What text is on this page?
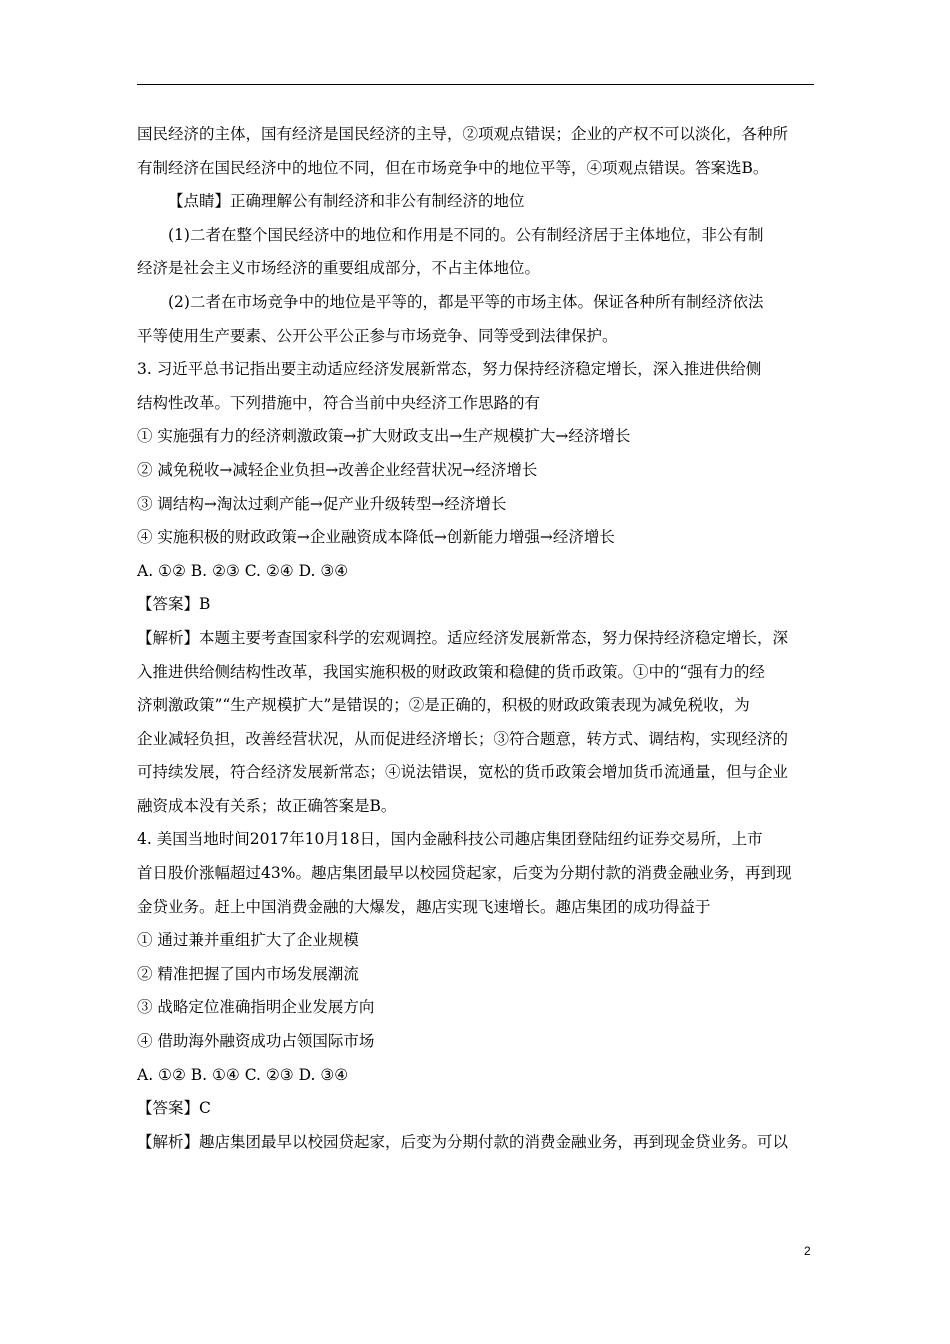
国民经济的主体，国有经济是国民经济的主导，②项观点错误；企业的产权不可以淡化，各种所
有制经济在国民经济中的地位不同，但在市场竞争中的地位平等，④项观点错误。答案选B。
【点睛】正确理解公有制经济和非公有制经济的地位
(1)二者在整个国民经济中的地位和作用是不同的。公有制经济居于主体地位，非公有制
经济是社会主义市场经济的重要组成部分，不占主体地位。
(2)二者在市场竞争中的地位是平等的，都是平等的市场主体。保证各种所有制经济依法
平等使用生产要素、公开公平公正参与市场竞争、同等受到法律保护。
3. 习近平总书记指出要主动适应经济发展新常态，努力保持经济稳定增长，深入推进供给侧
结构性改革。下列措施中，符合当前中央经济工作思路的有
① 实施强有力的经济刺激政策→扩大财政支出→生产规模扩大→经济增长
② 减免税收→减轻企业负担→改善企业经营状况→经济增长
③ 调结构→淘汰过剩产能→促产业升级转型→经济增长
④ 实施积极的财政政策→企业融资成本降低→创新能力增强→经济增长
A. ①② B. ②③ C. ②④ D. ③④
【答案】B
【解析】本题主要考查国家科学的宏观调控。适应经济发展新常态，努力保持经济稳定增长，深
入推进供给侧结构性改革，我国实施积极的财政政策和稳健的货币政策。①中的“强有力的经
济刺激政策”“生产规模扩大”是错误的；②是正确的，积极的财政政策表现为减免税收，为
企业减轻负担，改善经营状况，从而促进经济增长；③符合题意，转方式、调结构，实现经济的
可持续发展，符合经济发展新常态；④说法错误，宽松的货币政策会增加货币流通量，但与企业
融资成本没有关系；故正确答案是B。
4. 美国当地时间2017年10月18日，国内金融科技公司趣店集团登陆纽约证券交易所，上市
首日股价涨幅超过43%。趣店集团最早以校园贷起家，后变为分期付款的消费金融业务，再到现
金贷业务。赶上中国消费金融的大爆发，趣店实现飞速增长。趣店集团的成功得益于
① 通过兼并重组扩大了企业规模
② 精准把握了国内市场发展潮流
③ 战略定位准确指明企业发展方向
④ 借助海外融资成功占领国际市场
A. ①② B. ①④ C. ②③ D. ③④
【答案】C
【解析】趣店集团最早以校园贷起家，后变为分期付款的消费金融业务，再到现金贷业务。可以
2
